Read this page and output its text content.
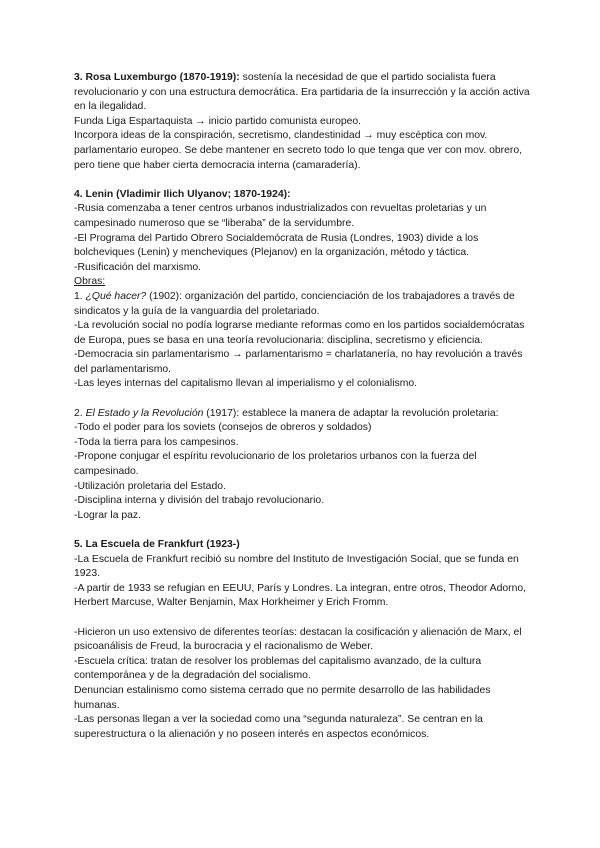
3. Rosa Luxemburgo (1870-1919): sostenía la necesidad de que el partido socialista fuera revolucionario y con una estructura democrática. Era partidaria de la insurrección y la acción activa en la ilegalidad.

Funda Liga Espartaquista → inicio partido comunista europeo.

Incorpora ideas de la conspiración, secretismo, clandestinidad → muy escéptica con mov. parlamentario europeo. Se debe mantener en secreto todo lo que tenga que ver con mov. obrero, pero tiene que haber cierta democracia interna (camaradería).

4. Lenin (Vladimir Ilich Ulyanov; 1870-1924):

-Rusia comenzaba a tener centros urbanos industrializados con revueltas proletarias y un campesinado numeroso que se “liberaba” de la servidumbre.

-El Programa del Partido Obrero Socialdemócrata de Rusia (Londres, 1903) divide a los bolcheviques (Lenin) y mencheviques (Plejanov) en la organización, método y táctica.

-Rusificación del marxismo.

Obras:

1. ¿Qué hacer? (1902): organización del partido, concienciación de los trabajadores a través de sindicatos y la guía de la vanguardia del proletariado.

-La revolución social no podía lograrse mediante reformas como en los partidos socialdemócratas de Europa, pues se basa en una teoría revolucionaria: disciplina, secretismo y eficiencia.

-Democracia sin parlamentarismo → parlamentarismo = charlatanería, no hay revolución a través del parlamentarismo.

-Las leyes internas del capitalismo llevan al imperialismo y el colonialismo.

2. El Estado y la Revolución (1917): establece la manera de adaptar la revolución proletaria:

-Todo el poder para los soviets (consejos de obreros y soldados)

-Toda la tierra para los campesinos.

-Propone conjugar el espíritu revolucionario de los proletarios urbanos con la fuerza del campesinado.

-Utilización proletaria del Estado.

-Disciplina interna y división del trabajo revolucionario.

-Lograr la paz.

5. La Escuela de Frankfurt (1923-)

-La Escuela de Frankfurt recibió su nombre del Instituto de Investigación Social, que se funda en 1923.

-A partir de 1933 se refugian en EEUU, París y Londres. La integran, entre otros, Theodor Adorno, Herbert Marcuse, Walter Benjamin, Max Horkheimer y Erich Fromm.

-Hicieron un uso extensivo de diferentes teorías: destacan la cosificación y alienación de Marx, el psicoanálisis de Freud, la burocracia y el racionalismo de Weber.

-Escuela crítica: tratan de resolver los problemas del capitalismo avanzado, de la cultura contemporánea y de la degradación del socialismo.

Denuncian estalinismo como sistema cerrado que no permite desarrollo de las habilidades humanas.

-Las personas llegan a ver la sociedad como una “segunda naturaleza”. Se centran en la superestructura o la alienación y no poseen interés en aspectos económicos.
